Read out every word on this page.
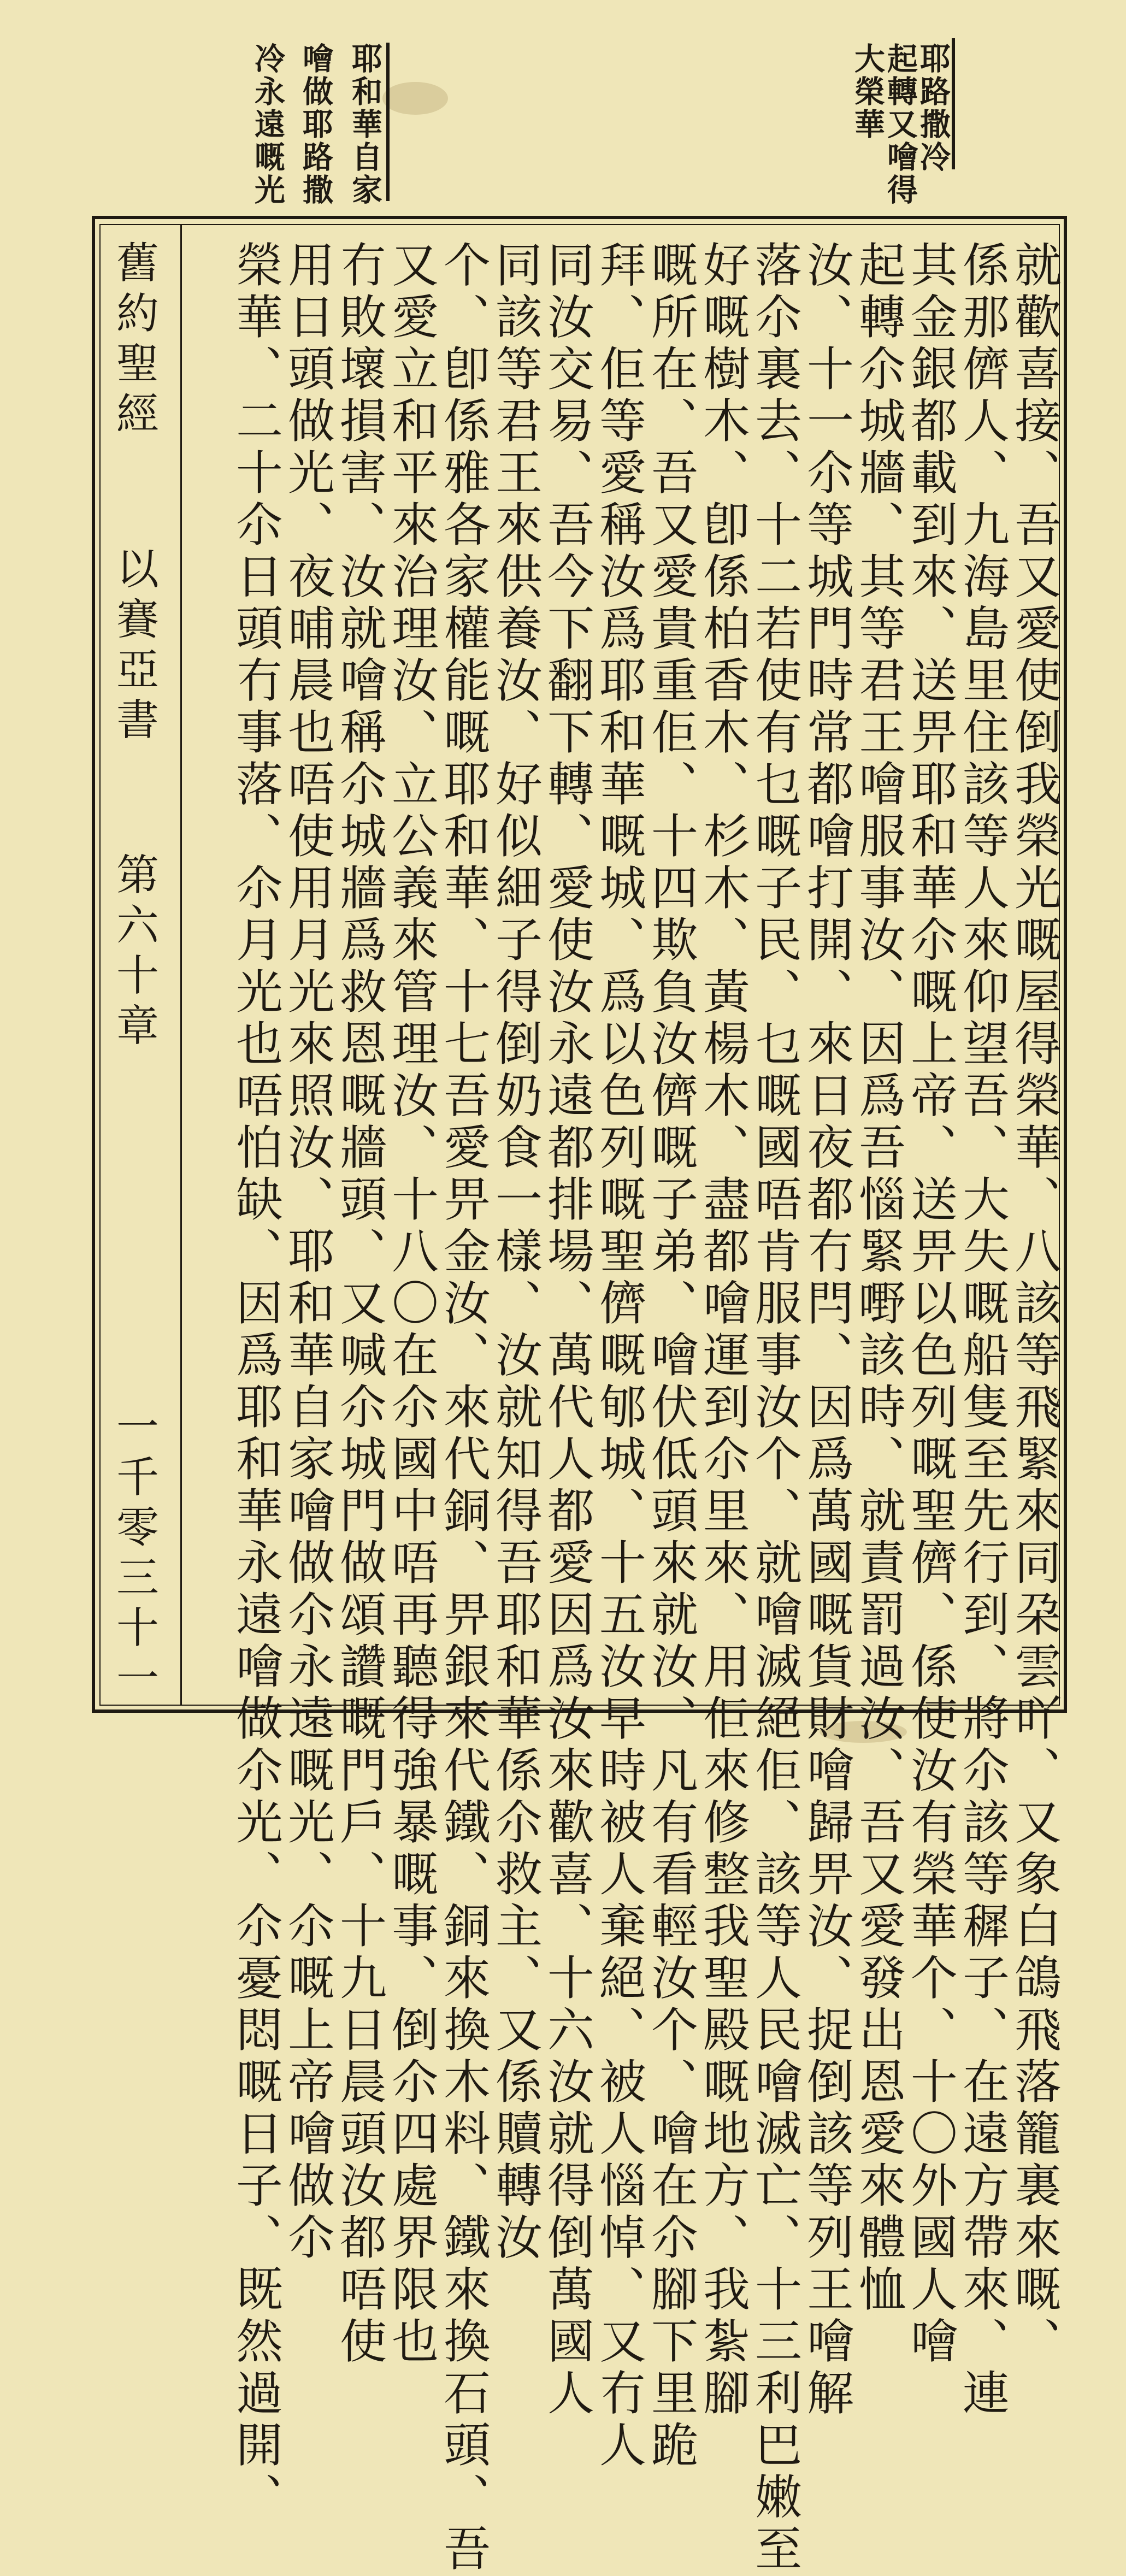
耶路撒冷
起轉又噲得
大榮華
耶和華自家
噲做耶路撒
冷永遠嘅光
舊約聖經
以賽亞書
第六十章
一千零三十一	就歡喜接、吾又愛使倒我榮光嘅屋得榮華、八該等飛緊來同朶雲吖、又象白鴿飛落籠裏來嘅、
係那儕人、九海島里住該等人來仰望吾、大失嘅船隻至先行到、將尒該等穉子、在遠方帶來、連
其金銀都載到來、送畀耶和華尒嘅上帝、送畀以色列嘅聖儕、係使汝有榮華个、十〇外國人噲
起轉尒城牆、其等君王噲服事汝、因爲吾惱緊嘢該時、就責罰過汝、吾又愛發出恩愛來體恤
汝、十一尒等城門時常都噲打開、來日夜都冇閂、因爲萬國嘅貨財噲歸畀汝、捉倒該等列王噲解
落尒裏去、十二若使有乜嘅子民、乜嘅國唔肯服事汝个、就噲滅絕佢、該等人民噲滅亡、十三利巴嫩至
好嘅樹木、卽係柏香木、杉木、黃楊木、盡都噲運到尒里來、用佢來修整我聖殿嘅地方、我紮腳
嘅所在、吾又愛貴重佢、十四欺負汝儕嘅子弟、噲伏低頭來就汝、凡有看輕汝个、噲在尒腳下里跪
拜、佢等愛稱汝爲耶和華嘅城、爲以色列嘅聖儕嘅郇城、十五汝早時被人棄絕、被人惱悼、又冇人
同汝交易、吾今下翻下轉、愛使汝永遠都排場、萬代人都愛因爲汝來歡喜、十六汝就得倒萬國人
同該等君王來供養汝、好似細子得倒奶食一樣、汝就知得吾耶和華係尒救主、又係贖轉汝
个、卽係雅各家權能嘅耶和華、十七吾愛畀金汝、來代銅、畀銀來代鐵、銅來換木料、鐵來換石頭、吾
又愛立和平來治理汝、立公義來管理汝、十八〇在尒國中唔再聽得強暴嘅事、倒尒四處界限也
冇敗壞損害、汝就噲稱尒城牆爲救恩嘅牆頭、又喊尒城門做頌讚嘅門戶、十九日晨頭汝都唔使
用日頭做光、夜晡晨也唔使用月光來照汝、耶和華自家噲做尒永遠嘅光、尒嘅上帝噲做尒
榮華、二十尒日頭冇事落、尒月光也唔怕缺、因爲耶和華永遠噲做尒光、尒憂悶嘅日子、既然過開、
